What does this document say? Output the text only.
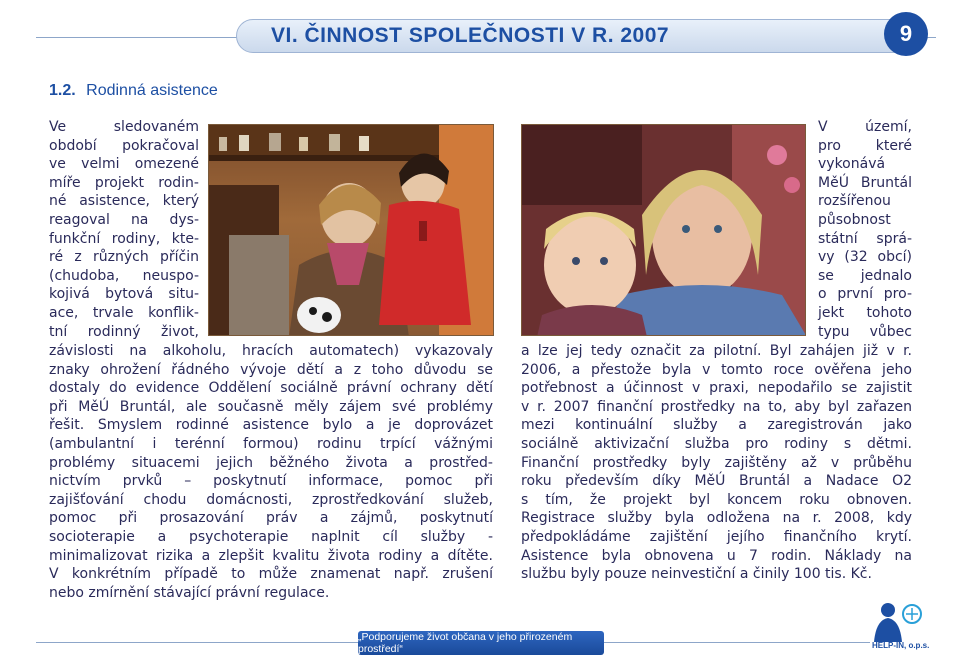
VI. ČINNOST SPOLEČNOSTI V R. 2007	9
1.2. Rodinná asistence

Ve sledovaném

období pokračoval

ve velmi omezené

míře projekt rodin-

né asistence, který

reagoval na dys-

funkční rodiny, kte-

ré z různých příčin

(chudoba, neuspo-

kojivá bytová situ-

ace, trvale konflik-

tní rodinný život,

závislosti na alkoholu, hracích automatech) vykazovaly

znaky ohrožení řádného vývoje dětí a z toho důvodu se

dostaly do evidence Oddělení sociálně právní ochrany dětí

při MěÚ Bruntál, ale současně měly zájem své problémy

řešit. Smyslem rodinné asistence bylo a je doprovázet

(ambulantní i terénní formou) rodinu trpící vážnými

problémy situacemi jejich běžného života a prostřed-

nictvím prvků – poskytnutí informace, pomoc při

zajišťování chodu domácnosti, zprostředkování služeb,

pomoc při prosazování práv a zájmů, poskytnutí

socioterapie a psychoterapie naplnit cíl služby -

minimalizovat rizika a zlepšit kvalitu života rodiny a dítěte.

V konkrétním případě to může znamenat např. zrušení

nebo zmírnění stávající právní regulace.

V území,

pro které

vykonává

MěÚ Bruntál

rozšířenou

působnost

státní sprá-

vy (32 obcí)

se jednalo

o první pro-

jekt tohoto

typu vůbec

a lze jej tedy označit za pilotní. Byl zahájen již v r.

2006, a přestože byla v tomto roce ověřena jeho

potřebnost a účinnost v praxi, nepodařilo se zajistit

v r. 2007 finanční prostředky na to, aby byl zařazen

mezi kontinuální služby a zaregistrován jako

sociálně aktivizační služba pro rodiny s dětmi.

Finanční prostředky byly zajištěny až v průběhu

roku především díky MěÚ Bruntál a Nadace O2

s tím, že projekt byl koncem roku obnoven.

Registrace služby byla odložena na r. 2008, kdy

předpokládáme zajištění jejího finančního krytí.

Asistence byla obnovena u 7 rodin. Náklady na

službu byly pouze neinvestiční a činily 100 tis. Kč.

„Podporujeme život občana v jeho přirozeném prostředí“	HELP-IN, o.p.s.
